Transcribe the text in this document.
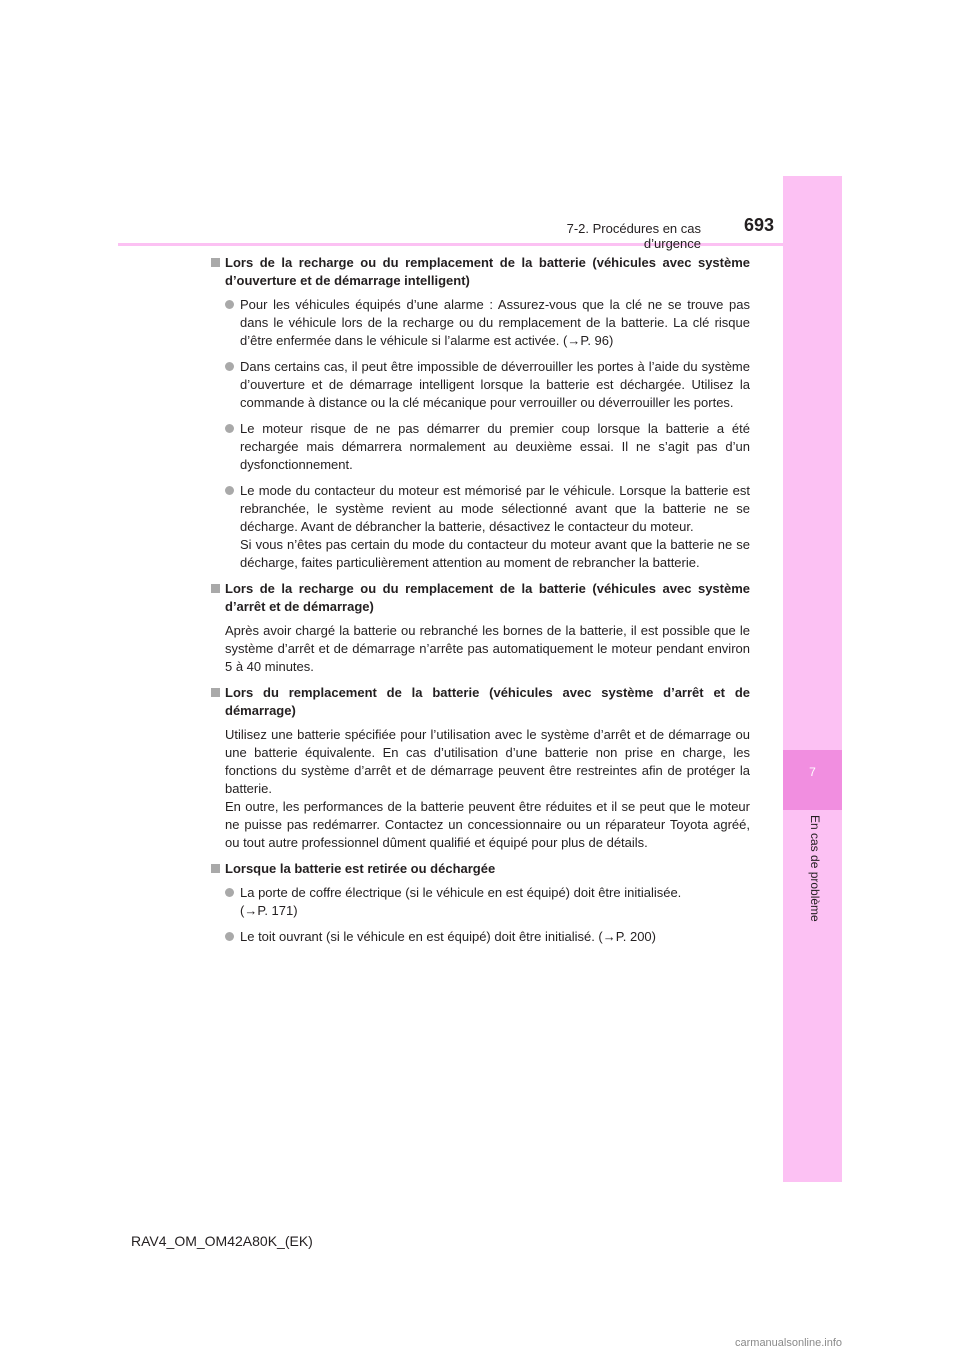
7
En cas de problème
7-2. Procédures en cas d’urgence
693
Lors de la recharge ou du remplacement de la batterie (véhicules avec système d’ouverture et de démarrage intelligent)
Pour les véhicules équipés d’une alarme : Assurez-vous que la clé ne se trouve pas dans le véhicule lors de la recharge ou du remplacement de la batterie. La clé risque d’être enfermée dans le véhicule si l’alarme est activée. (→P. 96)
Dans certains cas, il peut être impossible de déverrouiller les portes à l’aide du système d’ouverture et de démarrage intelligent lorsque la batterie est déchargée. Utilisez la commande à distance ou la clé mécanique pour verrouiller ou déverrouiller les portes.
Le moteur risque de ne pas démarrer du premier coup lorsque la batterie a été rechargée mais démarrera normalement au deuxième essai. Il ne s’agit pas d’un dysfonctionnement.
Le mode du contacteur du moteur est mémorisé par le véhicule. Lorsque la batterie est rebranchée, le système revient au mode sélectionné avant que la batterie ne se décharge. Avant de débrancher la batterie, désactivez le contacteur du moteur.
Si vous n’êtes pas certain du mode du contacteur du moteur avant que la batterie ne se décharge, faites particulièrement attention au moment de rebrancher la batterie.
Lors de la recharge ou du remplacement de la batterie (véhicules avec système d’arrêt et de démarrage)
Après avoir chargé la batterie ou rebranché les bornes de la batterie, il est possible que le système d’arrêt et de démarrage n’arrête pas automatiquement le moteur pendant environ 5 à 40 minutes.
Lors du remplacement de la batterie (véhicules avec système d’arrêt et de démarrage)
Utilisez une batterie spécifiée pour l’utilisation avec le système d’arrêt et de démarrage ou une batterie équivalente. En cas d’utilisation d’une batterie non prise en charge, les fonctions du système d’arrêt et de démarrage peuvent être restreintes afin de protéger la batterie.
En outre, les performances de la batterie peuvent être réduites et il se peut que le moteur ne puisse pas redémarrer. Contactez un concessionnaire ou un réparateur Toyota agréé, ou tout autre professionnel dûment qualifié et équipé pour plus de détails.
Lorsque la batterie est retirée ou déchargée
La porte de coffre électrique (si le véhicule en est équipé) doit être initialisée.
(→P. 171)
Le toit ouvrant (si le véhicule en est équipé) doit être initialisé. (→P. 200)
RAV4_OM_OM42A80K_(EK)
carmanualsonline.info
